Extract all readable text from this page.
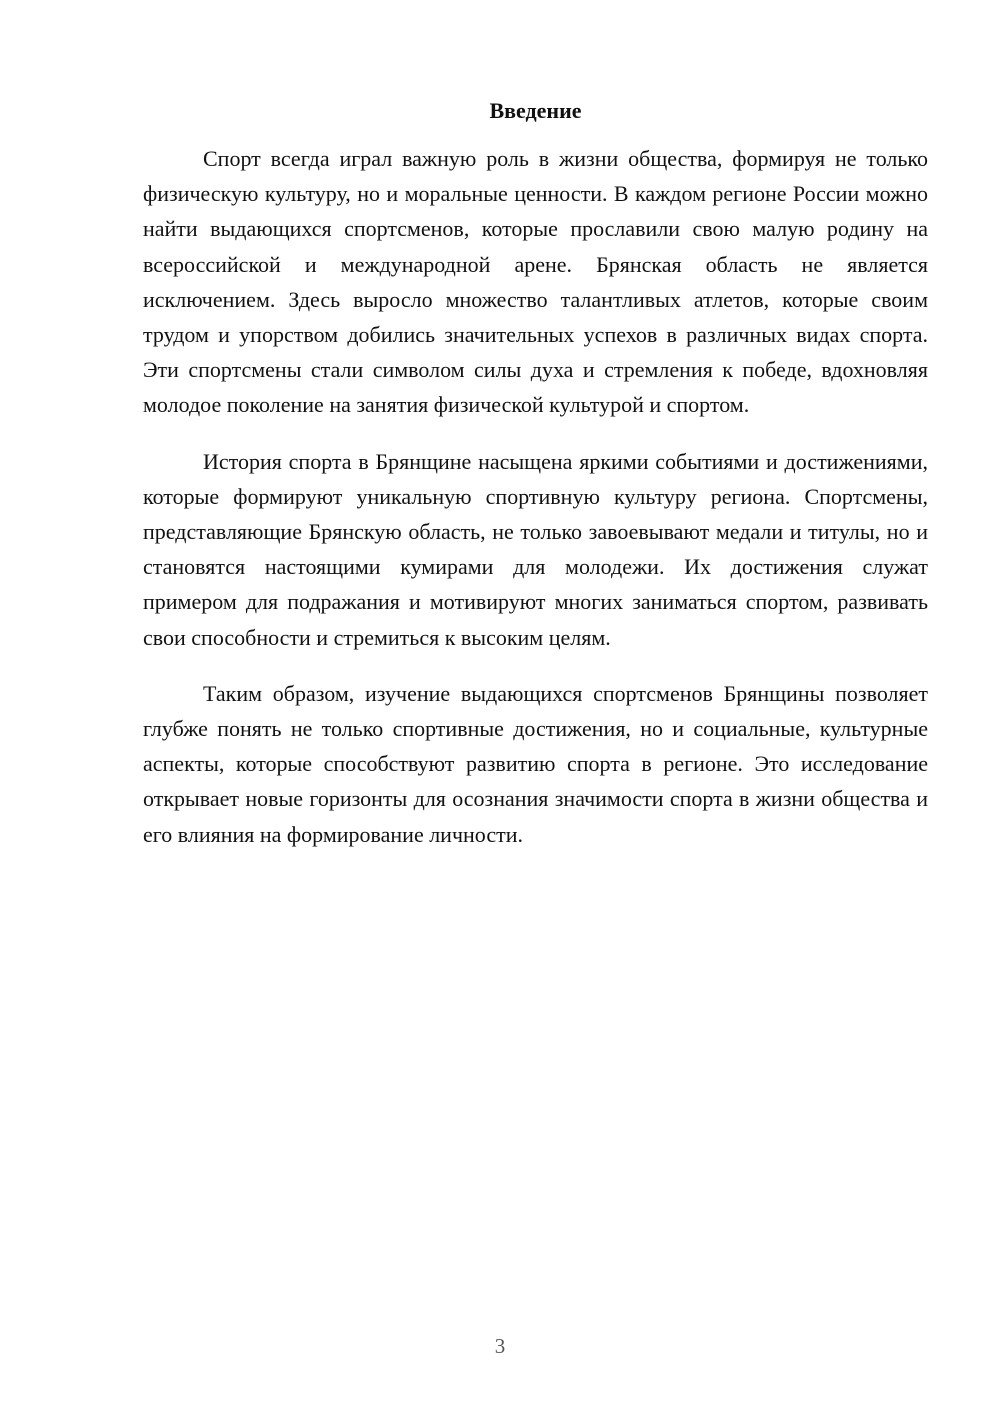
Введение

Спорт всегда играл важную роль в жизни общества, формируя не только физическую культуру, но и моральные ценности. В каждом регионе России можно найти выдающихся спортсменов, которые прославили свою малую родину на всероссийской и международной арене. Брянская область не является исключением. Здесь выросло множество талантливых атлетов, которые своим трудом и упорством добились значительных успехов в различных видах спорта. Эти спортсмены стали символом силы духа и стремления к победе, вдохновляя молодое поколение на занятия физической культурой и спортом.

История спорта в Брянщине насыщена яркими событиями и достижениями, которые формируют уникальную спортивную культуру региона. Спортсмены, представляющие Брянскую область, не только завоевывают медали и титулы, но и становятся настоящими кумирами для молодежи. Их достижения служат примером для подражания и мотивируют многих заниматься спортом, развивать свои способности и стремиться к высоким целям.

Таким образом, изучение выдающихся спортсменов Брянщины позволяет глубже понять не только спортивные достижения, но и социальные, культурные аспекты, которые способствуют развитию спорта в регионе. Это исследование открывает новые горизонты для осознания значимости спорта в жизни общества и его влияния на формирование личности.

3
